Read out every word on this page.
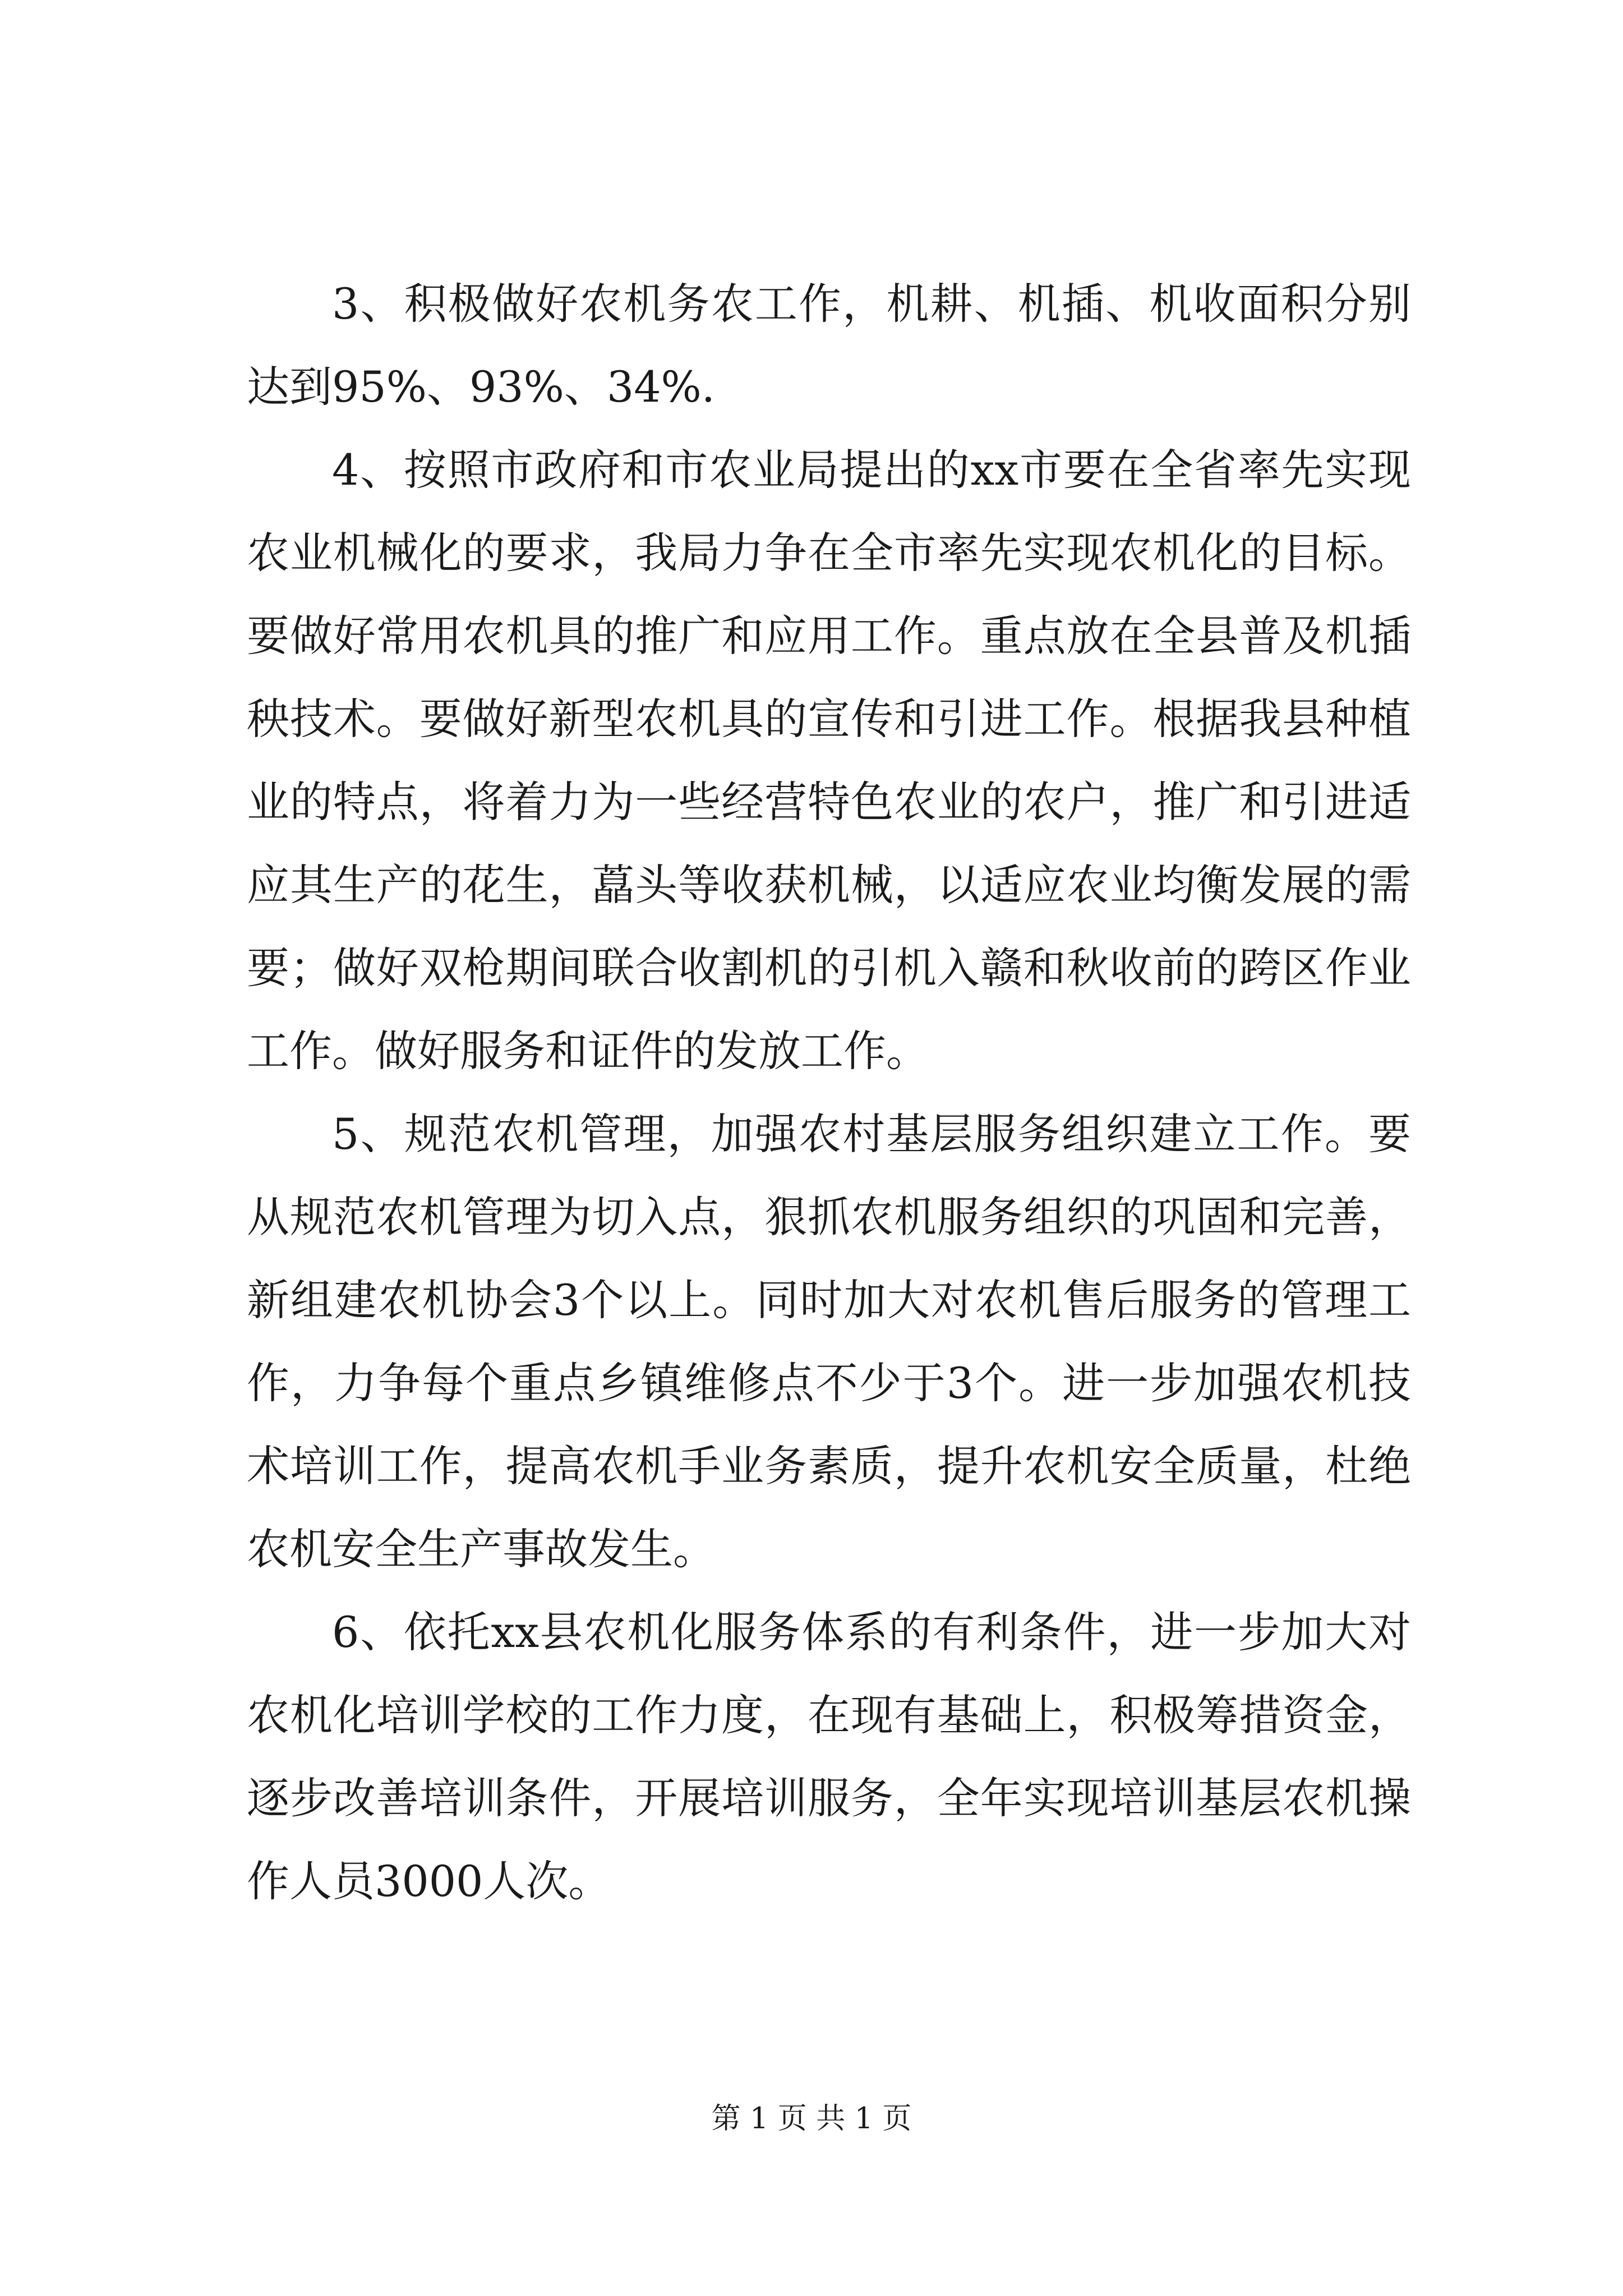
3、积极做好农机务农工作，机耕、机插、机收面积分别达到95%、93%、34%.

4、按照市政府和市农业局提出的xx市要在全省率先实现农业机械化的要求，我局力争在全市率先实现农机化的目标。要做好常用农机具的推广和应用工作。重点放在全县普及机插秧技术。要做好新型农机具的宣传和引进工作。根据我县种植业的特点，将着力为一些经营特色农业的农户，推广和引进适应其生产的花生，藠头等收获机械，以适应农业均衡发展的需要；做好双枪期间联合收割机的引机入赣和秋收前的跨区作业工作。做好服务和证件的发放工作。

5、规范农机管理，加强农村基层服务组织建立工作。要从规范农机管理为切入点，狠抓农机服务组织的巩固和完善，新组建农机协会3个以上。同时加大对农机售后服务的管理工作，力争每个重点乡镇维修点不少于3个。进一步加强农机技术培训工作，提高农机手业务素质，提升农机安全质量，杜绝农机安全生产事故发生。

6、依托xx县农机化服务体系的有利条件，进一步加大对农机化培训学校的工作力度，在现有基础上，积极筹措资金，逐步改善培训条件，开展培训服务，全年实现培训基层农机操作人员3000人次。

第 1 页 共 1 页
